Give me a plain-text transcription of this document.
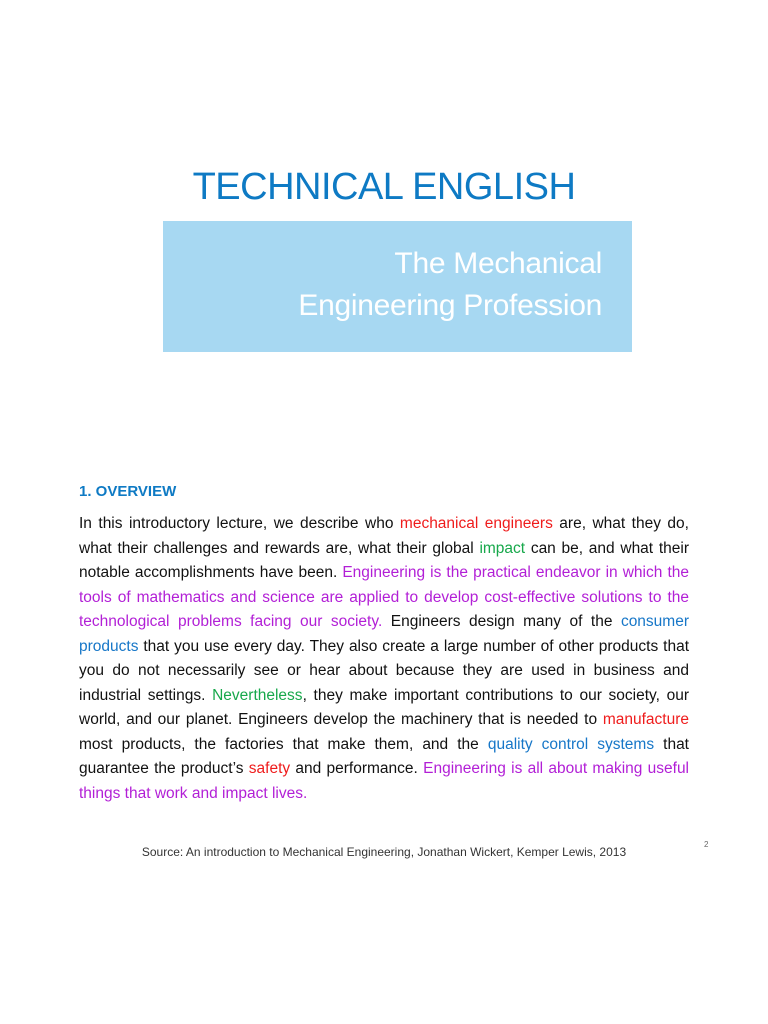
TECHNICAL ENGLISH
The Mechanical
Engineering Profession
1. OVERVIEW
In this introductory lecture, we describe who mechanical engineers are, what they do, what their challenges and rewards are, what their global impact can be, and what their notable accomplishments have been. Engineering is the practical endeavor in which the tools of mathematics and science are applied to develop cost-effective solutions to the technological problems facing our society. Engineers design many of the consumer products that you use every day. They also create a large number of other products that you do not necessarily see or hear about because they are used in business and industrial settings. Nevertheless, they make important contributions to our society, our world, and our planet. Engineers develop the machinery that is needed to manufacture most products, the factories that make them, and the quality control systems that guarantee the product’s safety and performance. Engineering is all about making useful things that work and impact lives.
Source: An introduction to Mechanical Engineering, Jonathan Wickert, Kemper Lewis, 2013
2
